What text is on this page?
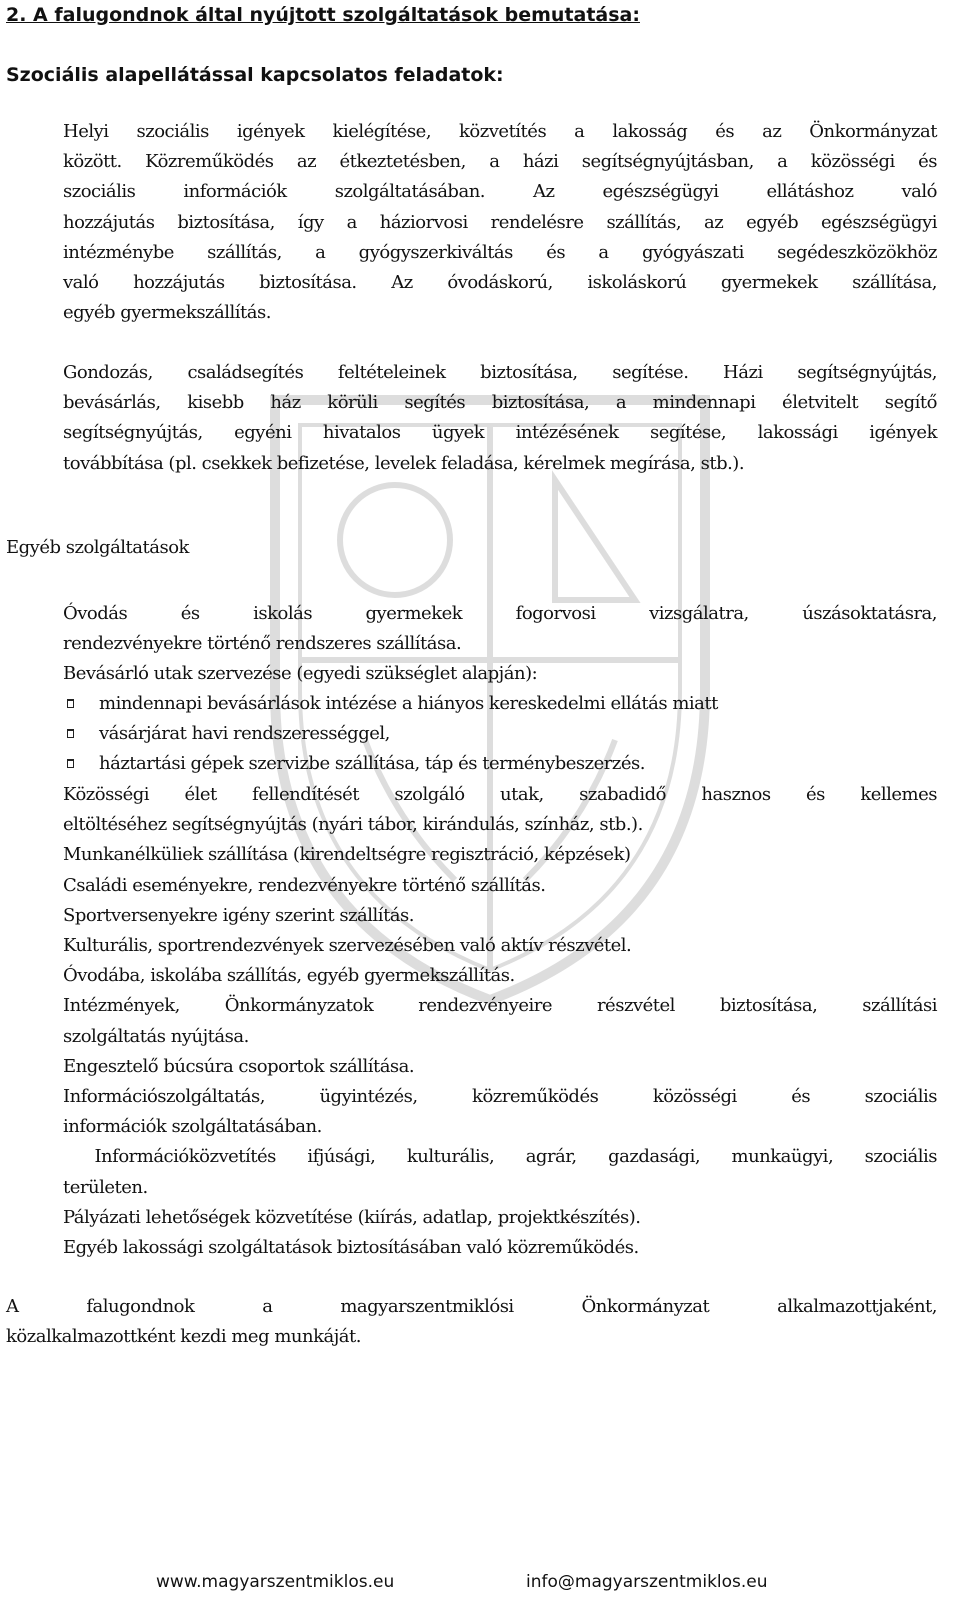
2. A falugondnok által nyújtott szolgáltatások bemutatása:
Szociális alapellátással kapcsolatos feladatok:

Helyi szociális igények kielégítése, közvetítés a lakosság és az Önkormányzat
között. Közreműködés az étkeztetésben, a házi segítségnyújtásban, a közösségi és
szociális információk szolgáltatásában. Az egészségügyi ellátáshoz való
hozzájutás biztosítása, így a háziorvosi rendelésre szállítás, az egyéb egészségügyi
intézménybe szállítás, a gyógyszerkiváltás és a gyógyászati segédeszközökhöz
való hozzájutás biztosítása. Az óvodáskorú, iskoláskorú gyermekek szállítása,
egyéb gyermekszállítás.

Gondozás, családsegítés feltételeinek biztosítása, segítése. Házi segítségnyújtás,
bevásárlás, kisebb ház körüli segítés biztosítása, a mindennapi életvitelt segítő
segítségnyújtás, egyéni hivatalos ügyek intézésének segítése, lakossági igények
továbbítása (pl. csekkek befizetése, levelek feladása, kérelmek megírása, stb.).

Egyéb szolgáltatások

Óvodás és iskolás gyermekek fogorvosi vizsgálatra, úszásoktatásra,
rendezvényekre történő rendszeres szállítása.

Bevásárló utak szervezése (egyedi szükséglet alapján):

mindennapi bevásárlások intézése a hiányos kereskedelmi ellátás miatt
vásárjárat havi rendszerességgel,
háztartási gépek szervizbe szállítása, táp és terménybeszerzés.

Közösségi élet fellendítését szolgáló utak, szabadidő hasznos és kellemes
eltöltéséhez segítségnyújtás (nyári tábor, kirándulás, színház, stb.).
Munkanélküliek szállítása (kirendeltségre regisztráció, képzések)
Családi eseményekre, rendezvényekre történő szállítás.
Sportversenyekre igény szerint szállítás.
Kulturális, sportrendezvények szervezésében való aktív részvétel.
Óvodába, iskolába szállítás, egyéb gyermekszállítás.
Intézmények, Önkormányzatok rendezvényeire részvétel biztosítása, szállítási
szolgáltatás nyújtása.
Engesztelő búcsúra csoportok szállítása.
Információszolgáltatás, ügyintézés, közreműködés közösségi és szociális
információk szolgáltatásában.
Információközvetítés ifjúsági, kulturális, agrár, gazdasági, munkaügyi, szociális
területen.
Pályázati lehetőségek közvetítése (kiírás, adatlap, projektkészítés).
Egyéb lakossági szolgáltatások biztosításában való közreműködés.

A falugondnok a magyarszentmiklósi Önkormányzat alkalmazottjaként,
közalkalmazottként kezdi meg munkáját.

www.magyarszentmiklos.eu	info@magyarszentmiklos.eu
